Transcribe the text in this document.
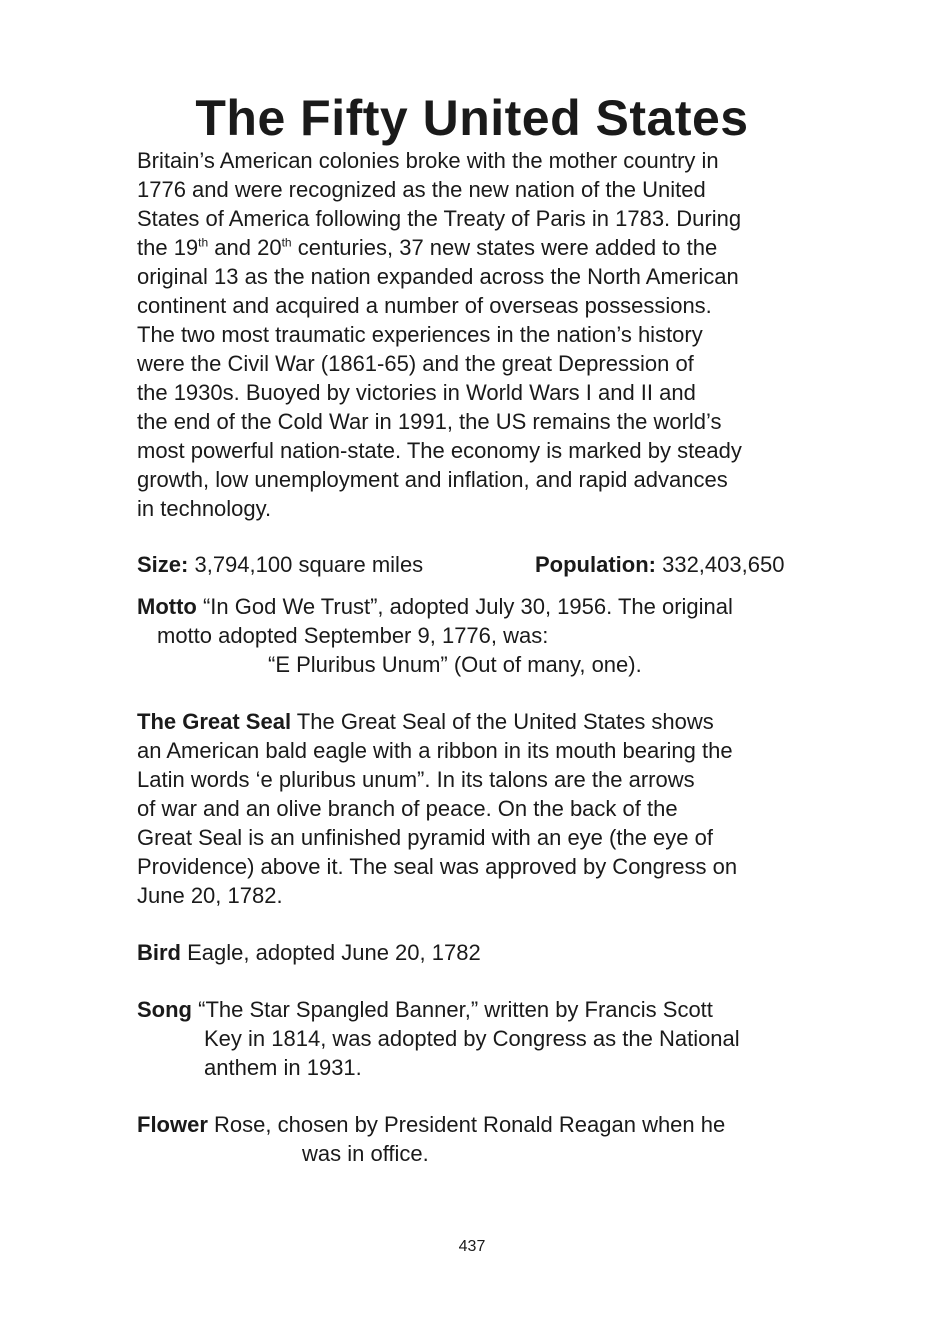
The Fifty United States

Britain’s American colonies broke with the mother country in
1776 and were recognized as the new nation of the United
States of America following the Treaty of Paris in 1783. During
the 19th and 20th centuries, 37 new states were added to the
original 13 as the nation expanded across the North American
continent and acquired a number of overseas possessions.
The two most traumatic experiences in the nation’s history
were the Civil War (1861-65) and the great Depression of
the 1930s. Buoyed by victories in World Wars I and II and
the end of the Cold War in 1991, the US remains the world’s
most powerful nation-state. The economy is marked by steady
growth, low unemployment and inflation, and rapid advances
in technology.

Size: 3,794,100 square miles	Population: 332,403,650
Motto “In God We Trust”, adopted July 30, 1956. The original
motto adopted September 9, 1776, was:
“E Pluribus Unum” (Out of many, one).
The Great Seal The Great Seal of the United States shows
an American bald eagle with a ribbon in its mouth bearing the
Latin words ‘e pluribus unum”. In its talons are the arrows
of war and an olive branch of peace. On the back of the
Great Seal is an unfinished pyramid with an eye (the eye of
Providence) above it. The seal was approved by Congress on
June 20, 1782.
Bird Eagle, adopted June 20, 1782
Song “The Star Spangled Banner,” written by Francis Scott
Key in 1814, was adopted by Congress as the National
anthem in 1931.
Flower Rose, chosen by President Ronald Reagan when he
was in office.
437
